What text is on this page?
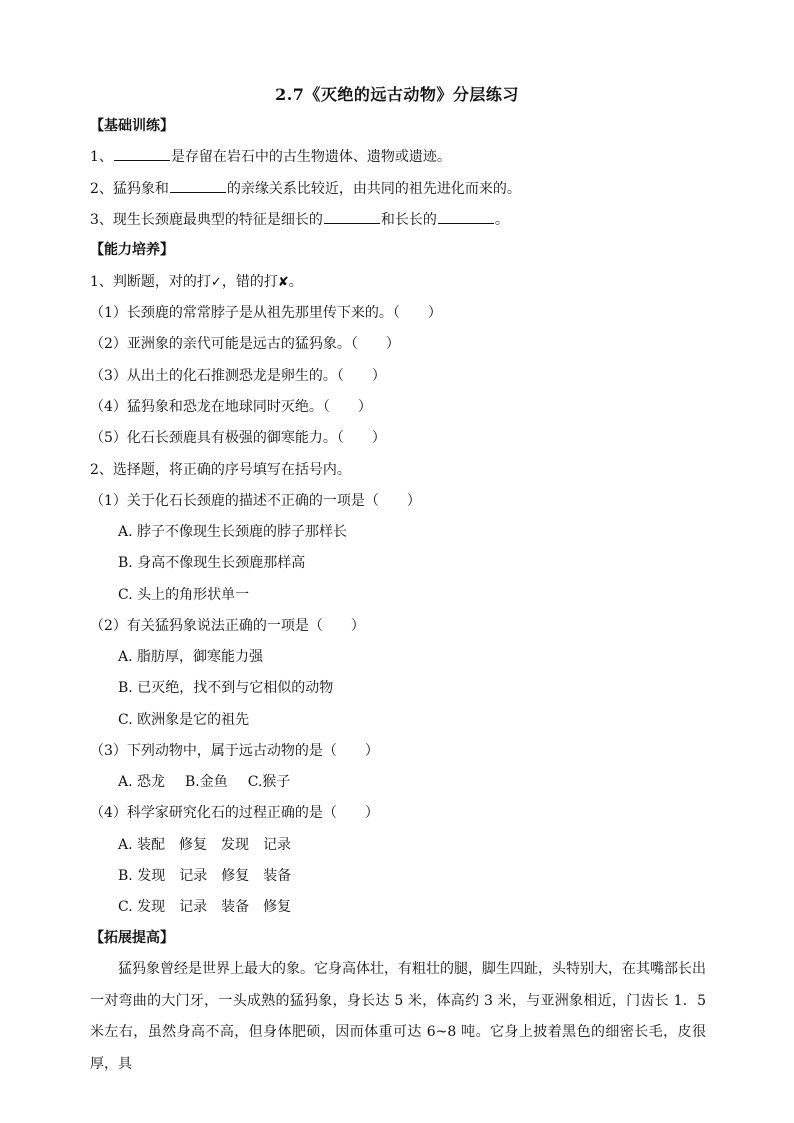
2.7《灭绝的远古动物》分层练习
【基础训练】
1、	是存留在岩石中的古生物遗体、遗物或遗迹。
2、猛犸象和	的亲缘关系比较近，由共同的祖先进化而来的。
3、现生长颈鹿最典型的特征是细长的	和长长的	。
【能力培养】
1、判断题，对的打✓，错的打✘。
（1）长颈鹿的常常脖子是从祖先那里传下来的。（　　）
（2）亚洲象的亲代可能是远古的猛犸象。（　　）
（3）从出土的化石推测恐龙是卵生的。（　　）
（4）猛犸象和恐龙在地球同时灭绝。（　　）
（5）化石长颈鹿具有极强的御寒能力。（　　）
2、选择题，将正确的序号填写在括号内。
（1）关于化石长颈鹿的描述不正确的一项是（　　）
A. 脖子不像现生长颈鹿的脖子那样长
B. 身高不像现生长颈鹿那样高
C. 头上的角形状单一
（2）有关猛犸象说法正确的一项是（　　）
A. 脂肪厚，御寒能力强
B. 已灭绝，找不到与它相似的动物
C. 欧洲象是它的祖先
（3）下列动物中，属于远古动物的是（　　）
A. 恐龙 B.金鱼 C.猴子
（4）科学家研究化石的过程正确的是（　　）
A. 装配　修复　发现　记录
B. 发现　记录　修复　装备
C. 发现　记录　装备　修复
【拓展提高】
猛犸象曾经是世界上最大的象。它身高体壮，有粗壮的腿，脚生四趾，头特别大，在其嘴部长出一对弯曲的大门牙，一头成熟的猛犸象，身长达 5 米，体高约 3 米，与亚洲象相近，门齿长 1．5 米左右，虽然身高不高，但身体肥硕，因而体重可达 6~8 吨。它身上披着黑色的细密长毛，皮很厚，具
